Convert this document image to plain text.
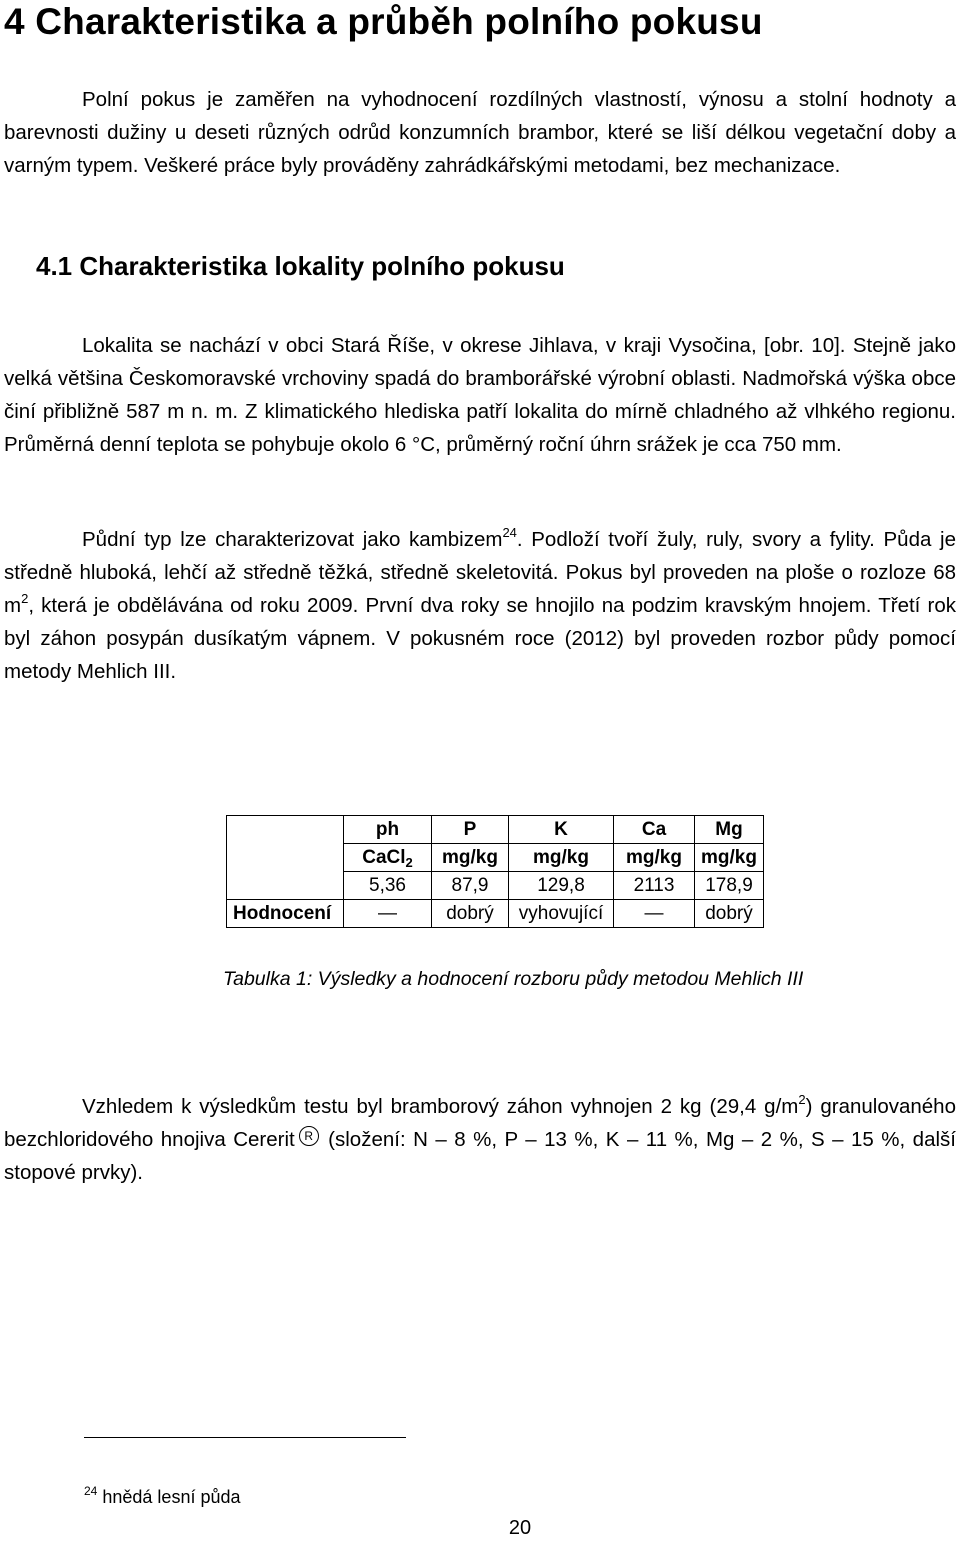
4 Charakteristika a průběh polního pokusu

Polní pokus je zaměřen na vyhodnocení rozdílných vlastností, výnosu a stolní hodnoty a barevnosti dužiny u deseti různých odrůd konzumních brambor, které se liší délkou vegetační doby a varným typem. Veškeré práce byly prováděny zahrádkářskými metodami, bez mechanizace.

4.1 Charakteristika lokality polního pokusu

Lokalita se nachází v obci Stará Říše, v okrese Jihlava, v kraji Vysočina, [obr. 10]. Stejně jako velká většina Českomoravské vrchoviny spadá do bramborářské výrobní oblasti. Nadmořská výška obce činí přibližně 587 m n. m. Z klimatického hlediska patří lokalita do mírně chladného až vlhkého regionu. Průměrná denní teplota se pohybuje okolo 6 °C, průměrný roční úhrn srážek je cca 750 mm.

Půdní typ lze charakterizovat jako kambizem$^{24}$. Podloží tvoří žuly, ruly, svory a fylity. Půda je středně hluboká, lehčí až středně těžká, středně skeletovitá. Pokus byl proveden na ploše o rozloze 68 $m^2$, která je obdělávána od roku 2009. První dva roky se hnojilo na podzim kravským hnojem. Třetí rok byl záhon posypán dusíkatým vápnem. V pokusném roce (2012) byl proveden rozbor půdy pomocí metody Mehlich III.

	ph	P	K	Ca	Mg
	CaCl$_2$	mg/kg	mg/kg	mg/kg	mg/kg
	5,36	87,9	129,8	2113	178,9
Hodnocení	—	dobrý	vyhovující	—	dobrý

Tabulka 1: Výsledky a hodnocení rozboru půdy metodou Mehlich III

Vzhledem k výsledkům testu byl bramborový záhon vyhnojen 2 kg (29,4 $g/m^2$) granulovaného bezchloridového hnojiva Cererit R (složení: N – 8 %, P – 13 %, K – 11 %, Mg – 2 %, S – 15 %, další stopové prvky).

$^{24}$ hnědá lesní půda

20
